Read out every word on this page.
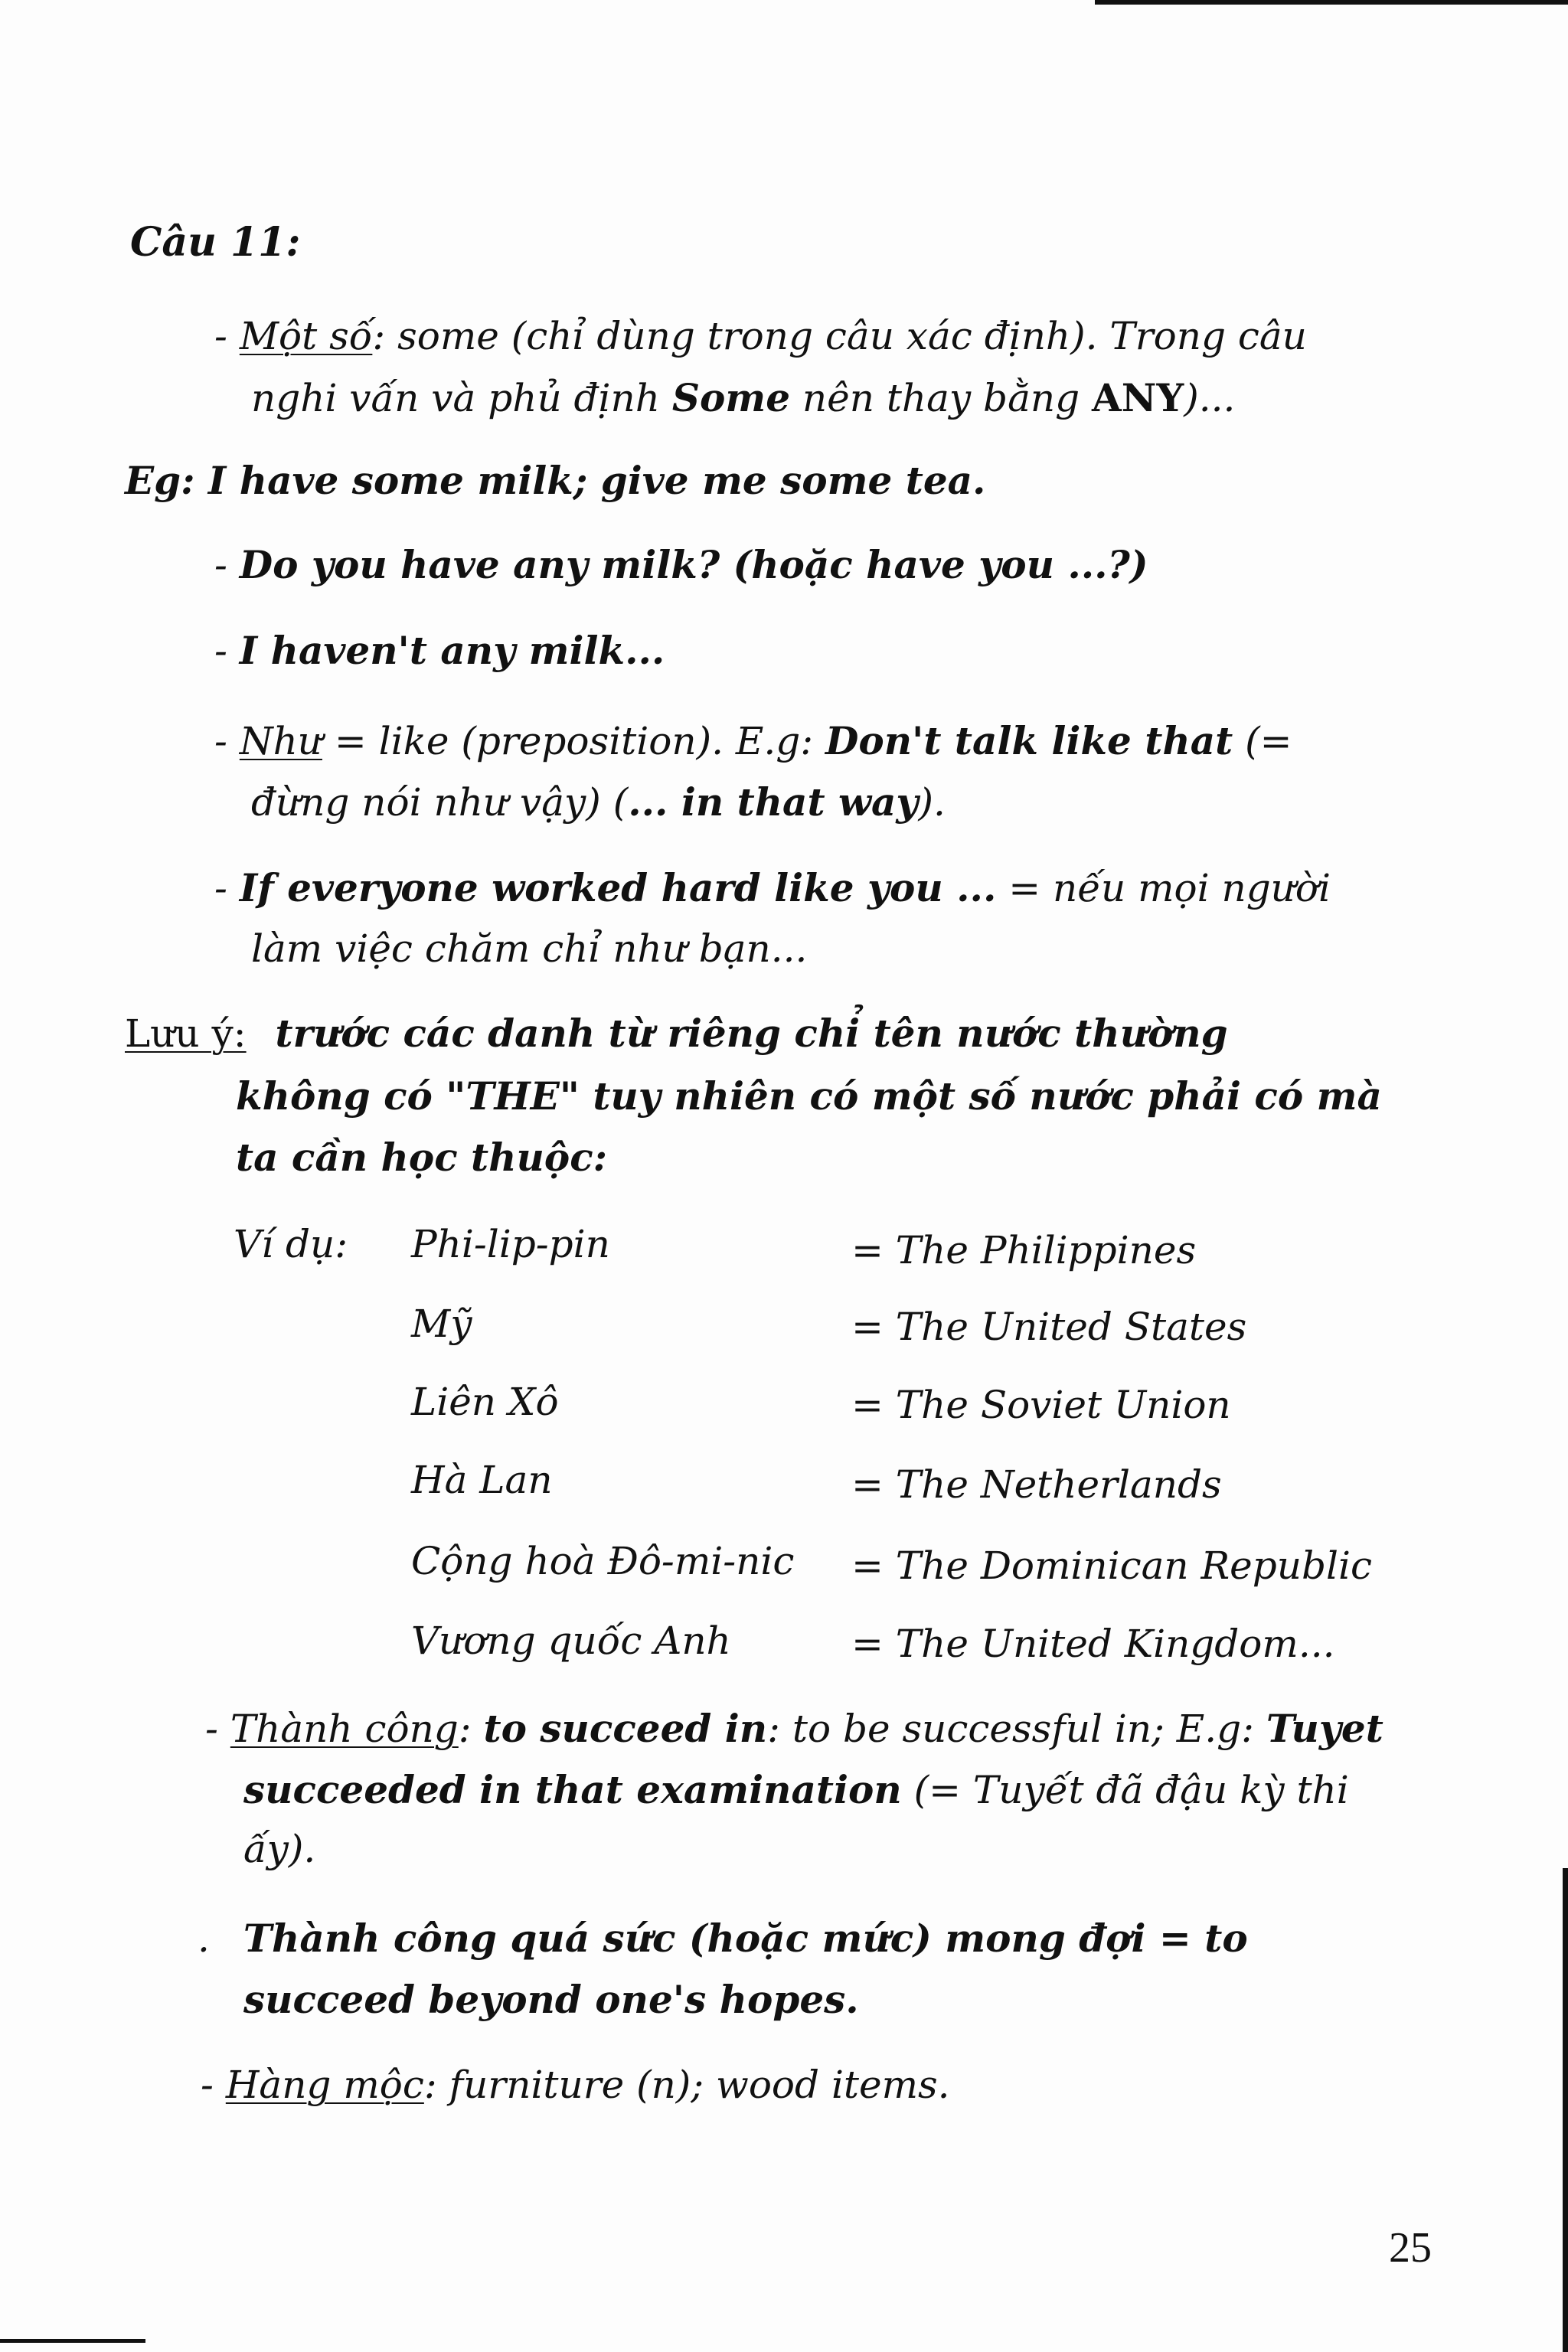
Câu 11:
- Một số: some (chỉ dùng trong câu xác định). Trong câu
nghi vấn và phủ định Some nên thay bằng ANY)...
Eg: I have some milk; give me some tea.
- Do you have any milk? (hoặc have you ...?)
- I haven't any milk...
- Như = like (preposition). E.g: Don't talk like that (=
đừng nói như vậy) (... in that way).
- If everyone worked hard like you ... = nếu mọi người
làm việc chăm chỉ như bạn...
Lưu ý: trước các danh từ riêng chỉ tên nước thường
không có "THE" tuy nhiên có một số nước phải có mà
ta cần học thuộc:
Ví dụ: Phi-lip-pin	= The Philippines
Mỹ	= The United States
Liên Xô	= The Soviet Union
Hà Lan	= The Netherlands
Cộng hoà Đô-mi-nic = The Dominican Republic
Vương quốc Anh	= The United Kingdom...
- Thành công: to succeed in: to be successful in; E.g: Tuyet
succeeded in that examination (= Tuyết đã đậu kỳ thi
ấy).
. Thành công quá sức (hoặc mức) mong đợi = to
succeed beyond one's hopes.
- Hàng mộc: furniture (n); wood items.
25
